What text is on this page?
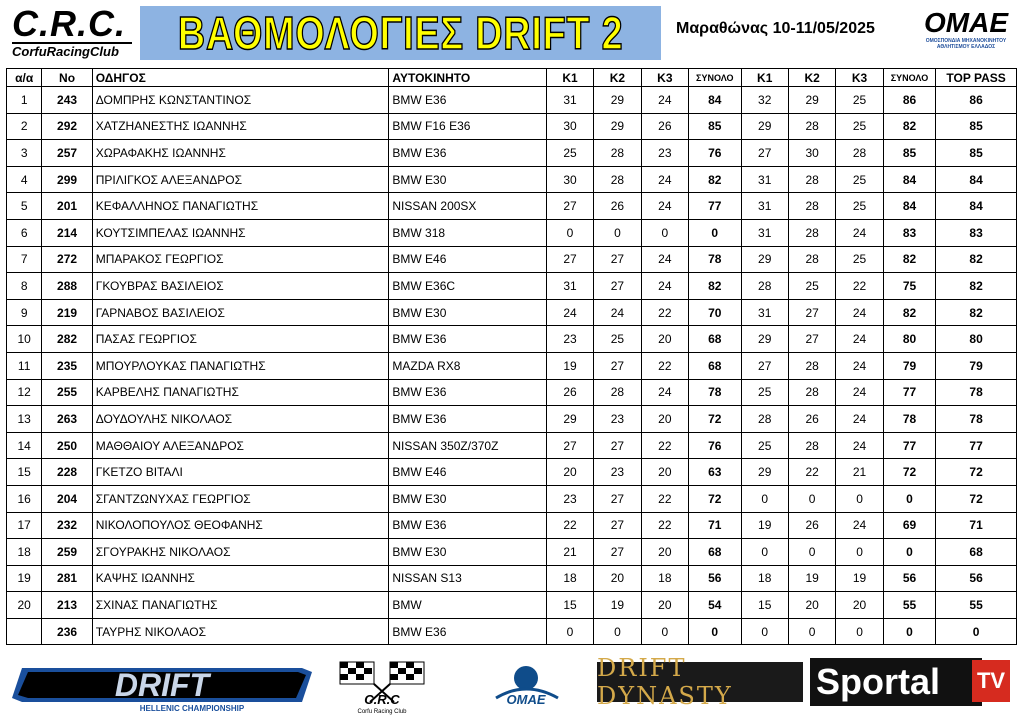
C.R.C.
CorfuRacingClub ΒΑΘΜΟΛΟΓΙΕΣ DRIFT 2	Μαραθώνας 10-11/05/2025 OMAE
ΟΜΟΣΠΟΝΔΙΑ ΜΗΧΑΝΟΚΙΝΗΤΟΥ ΑΘΛΗΤΙΣΜΟΥ ΕΛΛΑΔΟΣ
α/α	Νο	ΟΔΗΓΟΣ	ΑΥΤΟΚΙΝΗΤΟ	Κ1	Κ2	Κ3	ΣΥΝΟΛΟ	Κ1	Κ2	Κ3	ΣΥΝΟΛΟ	TOP PASS
1	243	ΔΟΜΠΡΗΣ ΚΩΝΣΤΑΝΤΙΝΟΣ	BMW E36	31	29	24	84	32	29	25	86	86
2	292	ΧΑΤΖΗΑΝΕΣΤΗΣ ΙΩΑΝΝΗΣ	BMW F16 E36	30	29	26	85	29	28	25	82	85
3	257	ΧΩΡΑΦΑΚΗΣ ΙΩΑΝΝΗΣ	BMW E36	25	28	23	76	27	30	28	85	85
4	299	ΠΡΙΛΙΓΚΟΣ ΑΛΕΞΑΝΔΡΟΣ	BMW E30	30	28	24	82	31	28	25	84	84
5	201	ΚΕΦΑΛΛΗΝΟΣ ΠΑΝΑΓΙΩΤΗΣ	NISSAN 200SX	27	26	24	77	31	28	25	84	84
6	214	ΚΟΥΤΣΙΜΠΕΛΑΣ ΙΩΑΝΝΗΣ	BMW 318	0	0	0	0	31	28	24	83	83
7	272	ΜΠΑΡΑΚΟΣ ΓΕΩΡΓΙΟΣ	BMW E46	27	27	24	78	29	28	25	82	82
8	288	ΓΚΟΥΒΡΑΣ ΒΑΣΙΛΕΙΟΣ	BMW E36C	31	27	24	82	28	25	22	75	82
9	219	ΓΑΡΝΑΒΟΣ ΒΑΣΙΛΕΙΟΣ	BMW E30	24	24	22	70	31	27	24	82	82
10	282	ΠΑΣΑΣ ΓΕΩΡΓΙΟΣ	BMW E36	23	25	20	68	29	27	24	80	80
11	235	ΜΠΟΥΡΛΟΥΚΑΣ ΠΑΝΑΓΙΩΤΗΣ	MAZDA RX8	19	27	22	68	27	28	24	79	79
12	255	ΚΑΡΒΕΛΗΣ ΠΑΝΑΓΙΩΤΗΣ	BMW E36	26	28	24	78	25	28	24	77	78
13	263	ΔΟΥΔΟΥΛΗΣ ΝΙΚΟΛΑΟΣ	BMW E36	29	23	20	72	28	26	24	78	78
14	250	ΜΑΘΘΑΙΟΥ ΑΛΕΞΑΝΔΡΟΣ	NISSAN 350Z/370Z	27	27	22	76	25	28	24	77	77
15	228	ΓΚΕΤΖΟ ΒΙΤΑΛΙ	BMW E46	20	23	20	63	29	22	21	72	72
16	204	ΣΓΑΝΤΖΩΝΥΧΑΣ ΓΕΩΡΓΙΟΣ	BMW E30	23	27	22	72	0	0	0	0	72
17	232	ΝΙΚΟΛΟΠΟΥΛΟΣ ΘΕΟΦΑΝΗΣ	BMW E36	22	27	22	71	19	26	24	69	71
18	259	ΣΓΟΥΡΑΚΗΣ ΝΙΚΟΛΑΟΣ	BMW E30	21	27	20	68	0	0	0	0	68
19	281	ΚΑΨΗΣ ΙΩΑΝΝΗΣ	NISSAN S13	18	20	18	56	18	19	19	56	56
20	213	ΣΧΙΝΑΣ ΠΑΝΑΓΙΩΤΗΣ	BMW	15	19	20	54	15	20	20	55	55
	236	ΤΑΥΡΗΣ ΝΙΚΟΛΑΟΣ	BMW E36	0	0	0	0	0	0	0	0	0
DRIFT
HELLENIC CHAMPIONSHIP
C.R.C
Corfu Racing Club
OMAE
DRIFT DYNASTY	Sportal	TV
